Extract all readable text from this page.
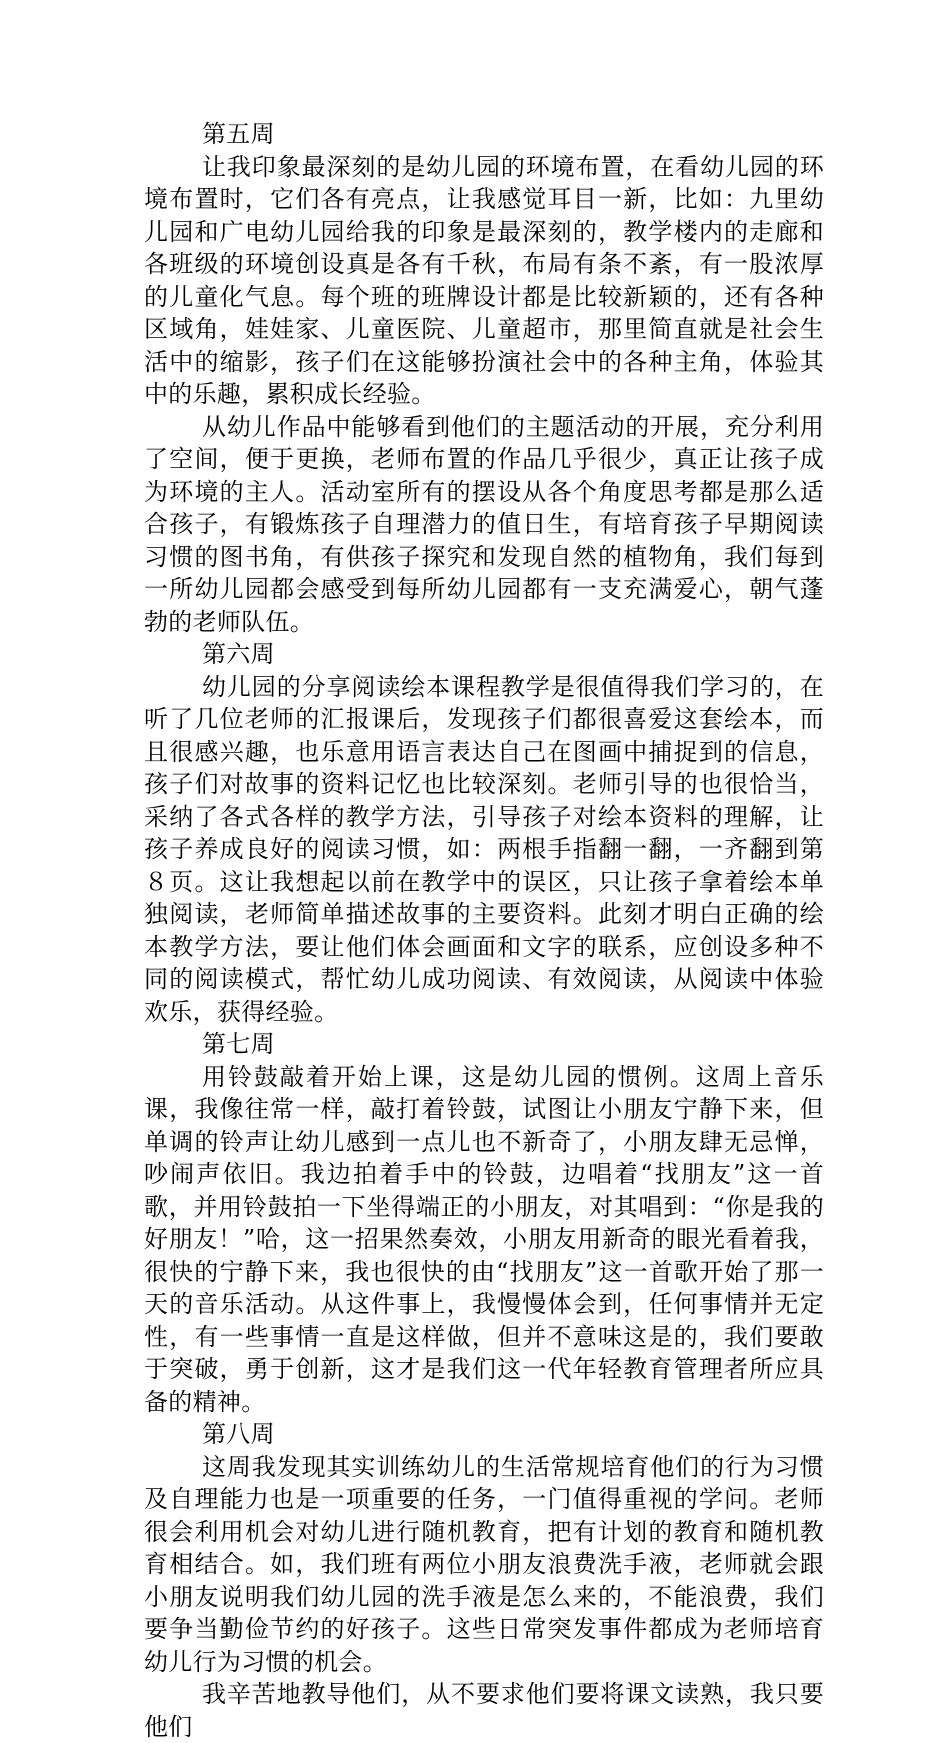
第五周

让我印象最深刻的是幼儿园的环境布置，在看幼儿园的环境布置时，它们各有亮点，让我感觉耳目一新，比如：九里幼儿园和广电幼儿园给我的印象是最深刻的，教学楼内的走廊和各班级的环境创设真是各有千秋，布局有条不紊，有一股浓厚的儿童化气息。每个班的班牌设计都是比较新颖的，还有各种区域角，娃娃家、儿童医院、儿童超市，那里简直就是社会生活中的缩影，孩子们在这能够扮演社会中的各种主角，体验其中的乐趣，累积成长经验。

从幼儿作品中能够看到他们的主题活动的开展，充分利用了空间，便于更换，老师布置的作品几乎很少，真正让孩子成为环境的主人。活动室所有的摆设从各个角度思考都是那么适合孩子，有锻炼孩子自理潜力的值日生，有培育孩子早期阅读习惯的图书角，有供孩子探究和发现自然的植物角，我们每到一所幼儿园都会感受到每所幼儿园都有一支充满爱心，朝气蓬勃的老师队伍。

第六周

幼儿园的分享阅读绘本课程教学是很值得我们学习的，在听了几位老师的汇报课后，发现孩子们都很喜爱这套绘本，而且很感兴趣，也乐意用语言表达自己在图画中捕捉到的信息，孩子们对故事的资料记忆也比较深刻。老师引导的也很恰当，采纳了各式各样的教学方法，引导孩子对绘本资料的理解，让孩子养成良好的阅读习惯，如：两根手指翻一翻，一齐翻到第８页。这让我想起以前在教学中的误区，只让孩子拿着绘本单独阅读，老师简单描述故事的主要资料。此刻才明白正确的绘本教学方法，要让他们体会画面和文字的联系，应创设多种不同的阅读模式，帮忙幼儿成功阅读、有效阅读，从阅读中体验欢乐，获得经验。

第七周

用铃鼓敲着开始上课，这是幼儿园的惯例。这周上音乐课，我像往常一样，敲打着铃鼓，试图让小朋友宁静下来，但单调的铃声让幼儿感到一点儿也不新奇了，小朋友肆无忌惮，吵闹声依旧。我边拍着手中的铃鼓，边唱着“找朋友”这一首歌，并用铃鼓拍一下坐得端正的小朋友，对其唱到：“你是我的好朋友！”哈，这一招果然奏效，小朋友用新奇的眼光看着我，很快的宁静下来，我也很快的由“找朋友”这一首歌开始了那一天的音乐活动。从这件事上，我慢慢体会到，任何事情并无定性，有一些事情一直是这样做，但并不意味这是的，我们要敢于突破，勇于创新，这才是我们这一代年轻教育管理者所应具备的精神。

第八周

这周我发现其实训练幼儿的生活常规培育他们的行为习惯及自理能力也是一项重要的任务，一门值得重视的学问。老师很会利用机会对幼儿进行随机教育，把有计划的教育和随机教育相结合。如，我们班有两位小朋友浪费洗手液，老师就会跟小朋友说明我们幼儿园的洗手液是怎么来的，不能浪费，我们要争当勤俭节约的好孩子。这些日常突发事件都成为老师培育幼儿行为习惯的机会。

我辛苦地教导他们，从不要求他们要将课文读熟，我只要他们
